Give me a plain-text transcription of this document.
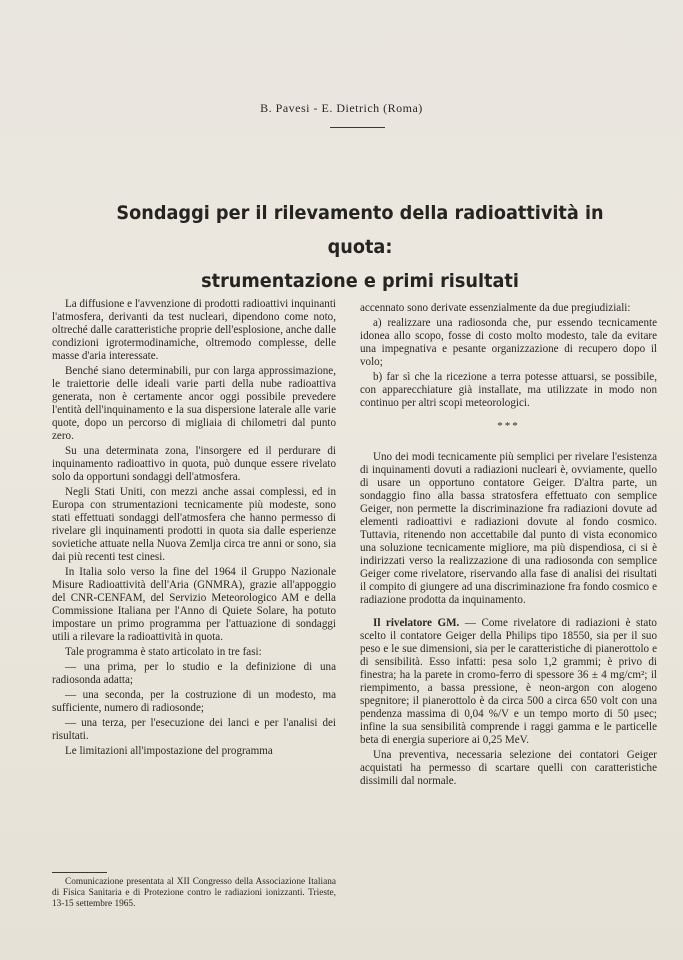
B. Pavesi - E. Dietrich (Roma)
Sondaggi per il rilevamento della radioattività in quota:
strumentazione e primi risultati

La diffusione e l'avvenzione di prodotti radioattivi inquinanti l'atmosfera, derivanti da test nucleari, dipendono come noto, oltreché dalle caratteristiche proprie dell'esplosione, anche dalle condizioni igrotermodinamiche, oltremodo complesse, delle masse d'aria interessate.

Benché siano determinabili, pur con larga approssimazione, le traiettorie delle ideali varie parti della nube radioattiva generata, non è certamente ancor oggi possibile prevedere l'entità dell'inquinamento e la sua dispersione laterale alle varie quote, dopo un percorso di migliaia di chilometri dal punto zero.

Su una determinata zona, l'insorgere ed il perdurare di inquinamento radioattivo in quota, può dunque essere rivelato solo da opportuni sondaggi dell'atmosfera.

Negli Stati Uniti, con mezzi anche assai complessi, ed in Europa con strumentazioni tecnicamente più modeste, sono stati effettuati sondaggi dell'atmosfera che hanno permesso di rivelare gli inquinamenti prodotti in quota sia dalle esperienze sovietiche attuate nella Nuova Zemlja circa tre anni or sono, sia dai più recenti test cinesi.

In Italia solo verso la fine del 1964 il Gruppo Nazionale Misure Radioattività dell'Aria (GNMRA), grazie all'appoggio del CNR-CENFAM, del Servizio Meteorologico AM e della Commissione Italiana per l'Anno di Quiete Solare, ha potuto impostare un primo programma per l'attuazione di sondaggi utili a rilevare la radioattività in quota.

Tale programma è stato articolato in tre fasi:

— una prima, per lo studio e la definizione di una radiosonda adatta;

— una seconda, per la costruzione di un modesto, ma sufficiente, numero di radiosonde;

— una terza, per l'esecuzione dei lanci e per l'analisi dei risultati.

Le limitazioni all'impostazione del programma

Comunicazione presentata al XII Congresso della Associazione Italiana di Fisica Sanitaria e di Protezione contro le radiazioni ionizzanti. Trieste, 13-15 settembre 1965.

accennato sono derivate essenzialmente da due pregiudiziali:

a) realizzare una radiosonda che, pur essendo tecnicamente idonea allo scopo, fosse di costo molto modesto, tale da evitare una impegnativa e pesante organizzazione di recupero dopo il volo;

b) far sì che la ricezione a terra potesse attuarsi, se possibile, con apparecchiature già installate, ma utilizzate in modo non continuo per altri scopi meteorologici.

***

Uno dei modi tecnicamente più semplici per rivelare l'esistenza di inquinamenti dovuti a radiazioni nucleari è, ovviamente, quello di usare un opportuno contatore Geiger. D'altra parte, un sondaggio fino alla bassa stratosfera effettuato con semplice Geiger, non permette la discriminazione fra radiazioni dovute ad elementi radioattivi e radiazioni dovute al fondo cosmico. Tuttavia, ritenendo non accettabile dal punto di vista economico una soluzione tecnicamente migliore, ma più dispendiosa, ci si è indirizzati verso la realizzazione di una radiosonda con semplice Geiger come rivelatore, riservando alla fase di analisi dei risultati il compito di giungere ad una discriminazione fra fondo cosmico e radiazione prodotta da inquinamento.

Il rivelatore GM. — Come rivelatore di radiazioni è stato scelto il contatore Geiger della Philips tipo 18550, sia per il suo peso e le sue dimensioni, sia per le caratteristiche di pianerottolo e di sensibilità. Esso infatti: pesa solo 1,2 grammi; è privo di finestra; ha la parete in cromo-ferro di spessore 36 ± 4 mg/cm²; il riempimento, a bassa pressione, è neon-argon con alogeno spegnitore; il pianerottolo è da circa 500 a circa 650 volt con una pendenza massima di 0,04 %/V e un tempo morto di 50 μsec; infine la sua sensibilità comprende i raggi gamma e le particelle beta di energia superiore ai 0,25 MeV.

Una preventiva, necessaria selezione dei contatori Geiger acquistati ha permesso di scartare quelli con caratteristiche dissimili dal normale.
